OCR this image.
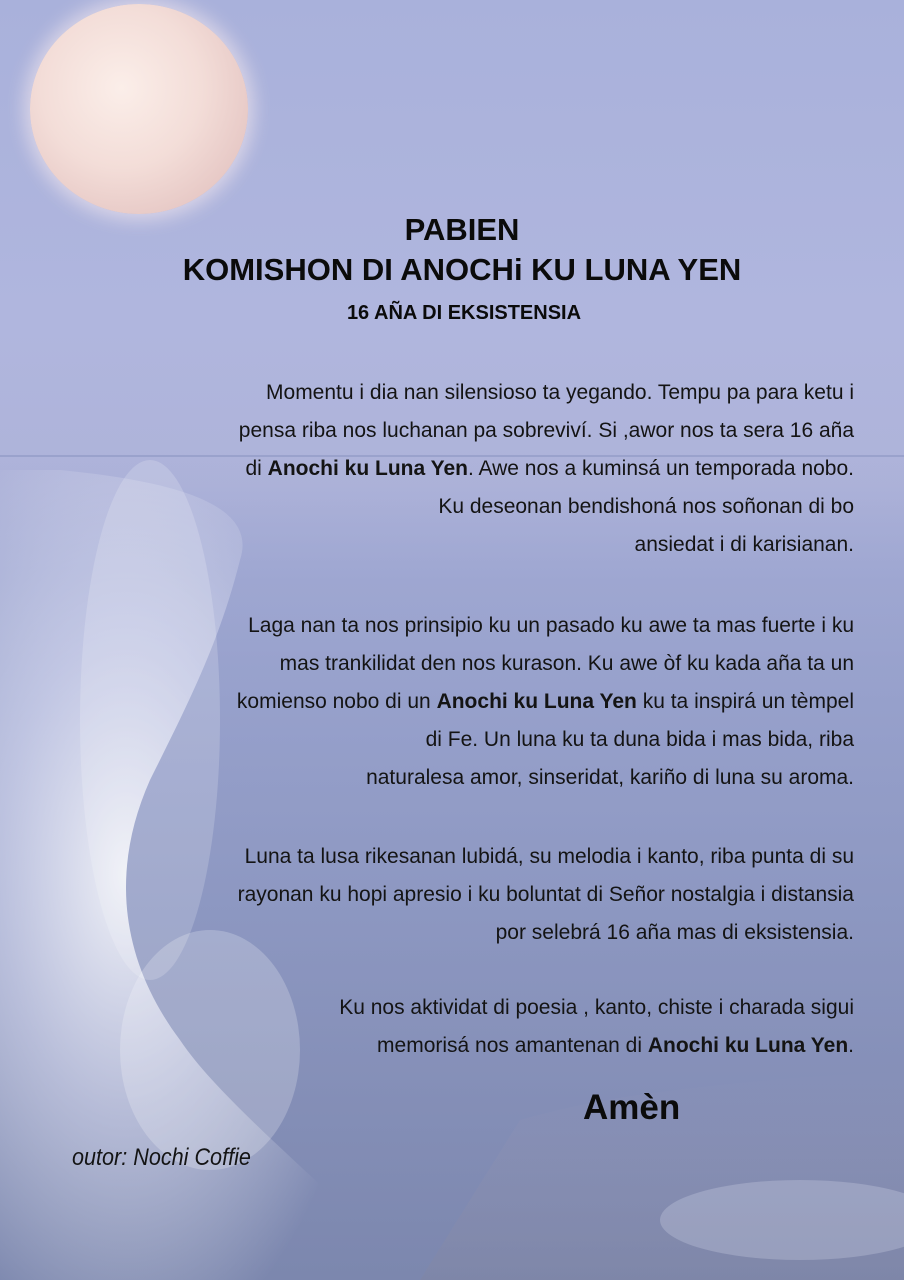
PABIEN
KOMISHON DI ANOCHi KU LUNA YEN
16 AÑA DI EKSISTENSIA
Momentu i dia nan silensioso ta yegando. Tempu pa para ketu i
pensa riba nos luchanan pa sobreviví. Si ,awor nos ta sera 16 aña
di Anochi ku Luna Yen. Awe nos a kuminsá un temporada nobo.
Ku deseonan bendishoná nos soñonan di bo
ansiedat i di karisianan.
Laga nan ta nos prinsipio ku un pasado ku awe ta mas fuerte i ku
mas trankilidat den nos kurason. Ku awe òf ku kada aña ta un
komienso nobo di un Anochi ku Luna Yen ku ta inspirá un tèmpel
di Fe. Un luna ku ta duna bida i mas bida, riba
naturalesa amor, sinseridat, kariño di luna su aroma.
Luna ta lusa rikesanan lubidá, su melodia i kanto, riba punta di su
rayonan ku hopi apresio i ku boluntat di Señor nostalgia i distansia
por selebrá 16 aña mas di eksistensia.
Ku nos aktividat di poesia , kanto, chiste i charada sigui
memorisá nos amantenan di Anochi ku Luna Yen.

Amèn

outor: Nochi Coffie
